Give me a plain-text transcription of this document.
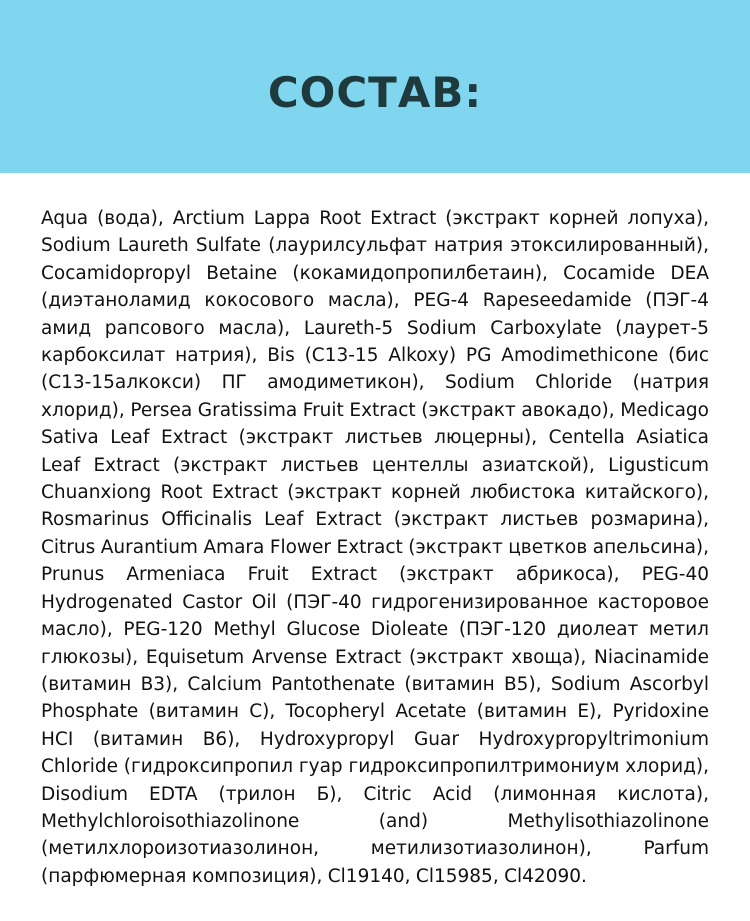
СОСТАВ:

Aqua (вода), Arctium Lappa Root Extract (экстракт корней лопуха), Sodium Laureth Sulfate (лаурилсульфат натрия этоксилированный), Cocamidopropyl Betaine (кокамидопропилбетаин), Cocamide DEA (диэтаноламид кокосового масла), PEG-4 Rapeseedamide (ПЭГ-4 амид рапсового масла), Laureth-5 Sodium Carboxylate (лаурет-5 карбоксилат натрия), Bis (C13-15 Alkoxy) PG Amodimethicone (бис (C13-15алкокси) ПГ амодиметикон), Sodium Chloride (натрия хлорид), Persea Gratissima Fruit Extract (экстракт авокадо), Medicago Sativa Leaf Extract (экстракт листьев люцерны), Centella Asiatica Leaf Extract (экстракт листьев центеллы азиатской), Ligusticum Chuanxiong Root Extract (экстракт корней любистока китайского), Rosmarinus Officinalis Leaf Extract (экстракт листьев розмарина), Citrus Aurantium Amara Flower Extract (экстракт цветков апельсина), Prunus Armeniaca Fruit Extract (экстракт абрикоса), PEG-40 Hydrogenated Castor Oil (ПЭГ-40 гидрогенизированное касторовое масло), PEG-120 Methyl Glucose Dioleate (ПЭГ-120 диолеат метил глюкозы), Equisetum Arvense Extract (экстракт хвоща), Niacinamide (витамин B3), Calcium Pantothenate (витамин B5), Sodium Ascorbyl Phosphate (витамин С), Tocopheryl Acetate (витамин Е), Pyridoxine HCI (витамин B6), Hydroxypropyl Guar Hydroxypropyltrimonium Chloride (гидроксипропил гуар гидроксипропилтримониум хлорид), Disodium EDTA (трилон Б), Citric Acid (лимонная кислота), Methylchloroisothiazolinone (and) Methylisothiazolinone (метилхлороизотиазолинон, метилизотиазолинон), Parfum (парфюмерная композиция), Cl19140, Cl15985, Cl42090.
